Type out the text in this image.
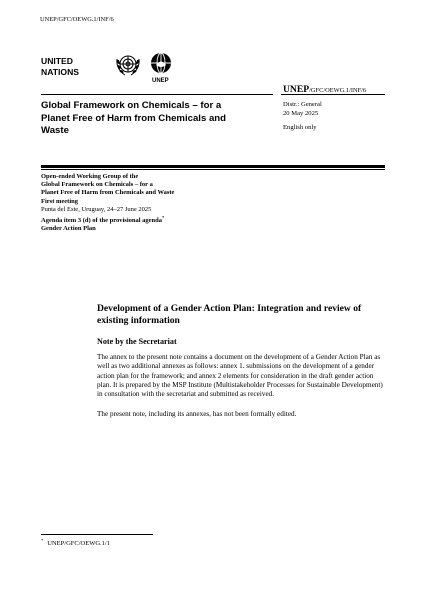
UNEP/GFC/OEWG.1/INF/6
UNITED NATIONS
UNEP
UNEP/GFC/OEWG.1/INF/6
Global Framework on Chemicals – for a Planet Free of Harm from Chemicals and Waste
Distr.: General
20 May 2025
English only
Open-ended Working Group of the
Global Framework on Chemicals – for a
Planet Free of Harm from Chemicals and Waste
First meeting
Punta del Este, Uruguay, 24–27 June 2025
Agenda item 3 (d) of the provisional agenda*
Gender Action Plan
Development of a Gender Action Plan: Integration and review of existing information
Note by the Secretariat
The annex to the present note contains a document on the development of a Gender Action Plan as well as two additional annexes as follows: annex 1. submissions on the development of a gender action plan for the framework; and annex 2 elements for consideration in the draft gender action plan. It is prepared by the MSP Institute (Multistakeholder Processes for Sustainable Development) in consultation with the secretariat and submitted as received.
The present note, including its annexes, has not been formally edited.
* UNEP/GFC/OEWG.1/1
